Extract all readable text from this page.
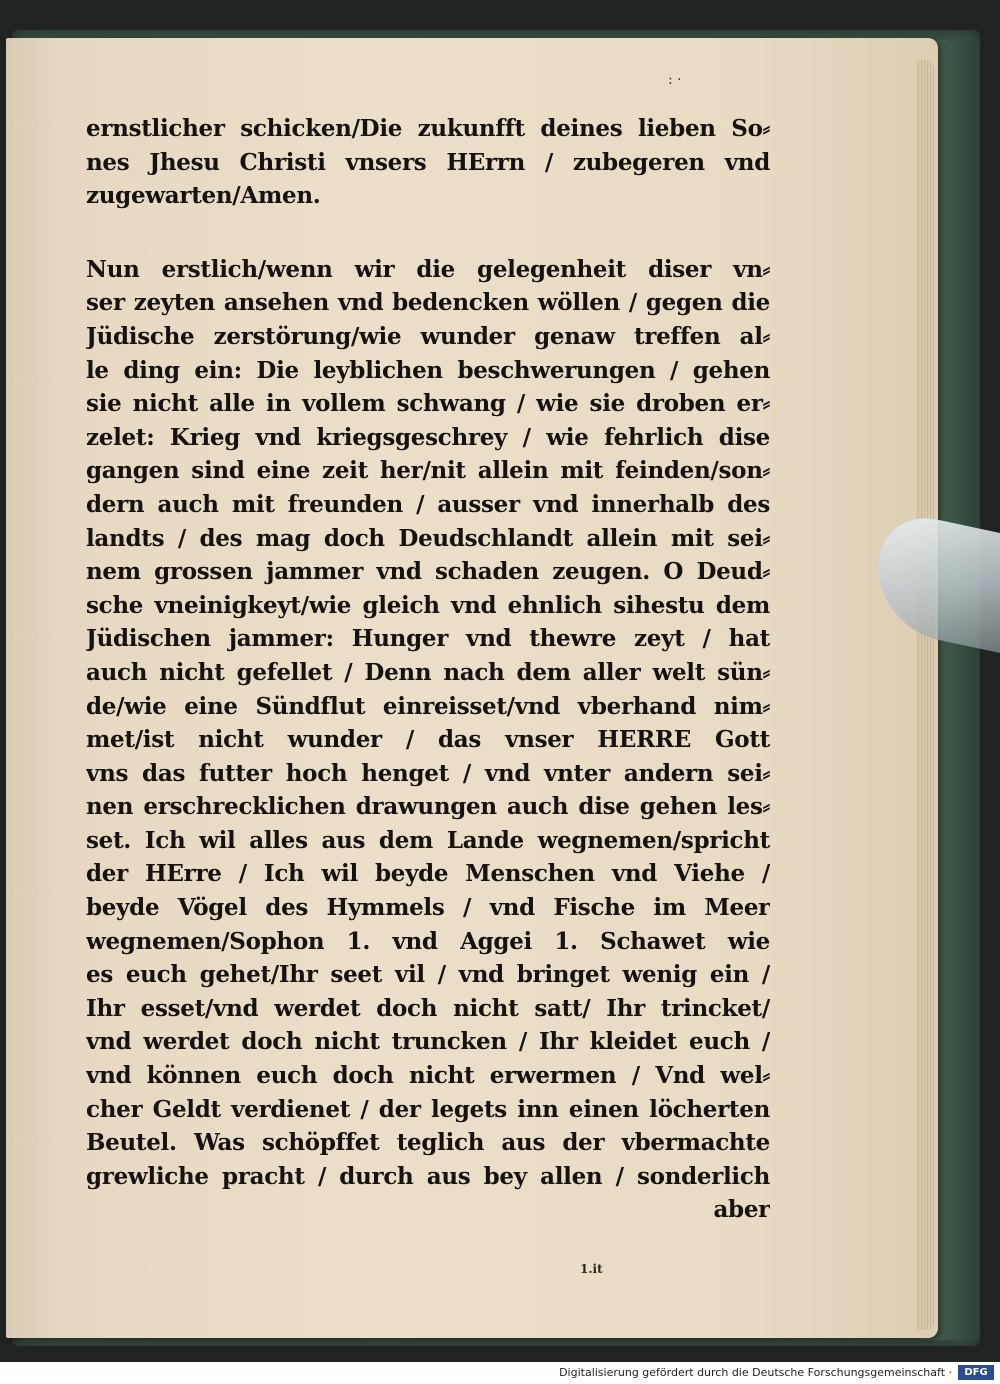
: ·
ernstlicher schicken/Die zukunfft deines lieben So⸗
nes Jhesu Christi vnsers HErrn / zubegeren vnd
zugewarten/Amen.
Nun erstlich/wenn wir die gelegenheit diser vn⸗
ser zeyten ansehen vnd bedencken wöllen / gegen die
Jüdische zerstörung/wie wunder genaw treffen al⸗
le ding ein: Die leyblichen beschwerungen / gehen
sie nicht alle in vollem schwang / wie sie droben er⸗
zelet: Krieg vnd kriegsgeschrey / wie fehrlich dise
gangen sind eine zeit her/nit allein mit feinden/son⸗
dern auch mit freunden / ausser vnd innerhalb des
landts / des mag doch Deudschlandt allein mit sei⸗
nem grossen jammer vnd schaden zeugen. O Deud⸗
sche vneinigkeyt/wie gleich vnd ehnlich sihestu dem
Jüdischen jammer: Hunger vnd thewre zeyt / hat
auch nicht gefellet / Denn nach dem aller welt sün⸗
de/wie eine Sündflut einreisset/vnd vberhand nim⸗
met/ist nicht wunder / das vnser HERRE Gott
vns das futter hoch henget / vnd vnter andern sei⸗
nen erschrecklichen drawungen auch dise gehen les⸗
set. Ich wil alles aus dem Lande wegnemen/spricht
der HErre / Ich wil beyde Menschen vnd Viehe /
beyde Vögel des Hymmels / vnd Fische im Meer
wegnemen/Sophon 1. vnd Aggei 1. Schawet wie
es euch gehet/Ihr seet vil / vnd bringet wenig ein /
Ihr esset/vnd werdet doch nicht satt/ Ihr trincket/
vnd werdet doch nicht truncken / Ihr kleidet euch /
vnd können euch doch nicht erwermen / Vnd wel⸗
cher Geldt verdienet / der legets inn einen löcherten
Beutel. Was schöpffet teglich aus der vbermachte
grewliche pracht / durch aus bey allen / sonderlich
aber
1.it
Digitalisierung gefördert durch die Deutsche Forschungsgemeinschaft ·	DFG
